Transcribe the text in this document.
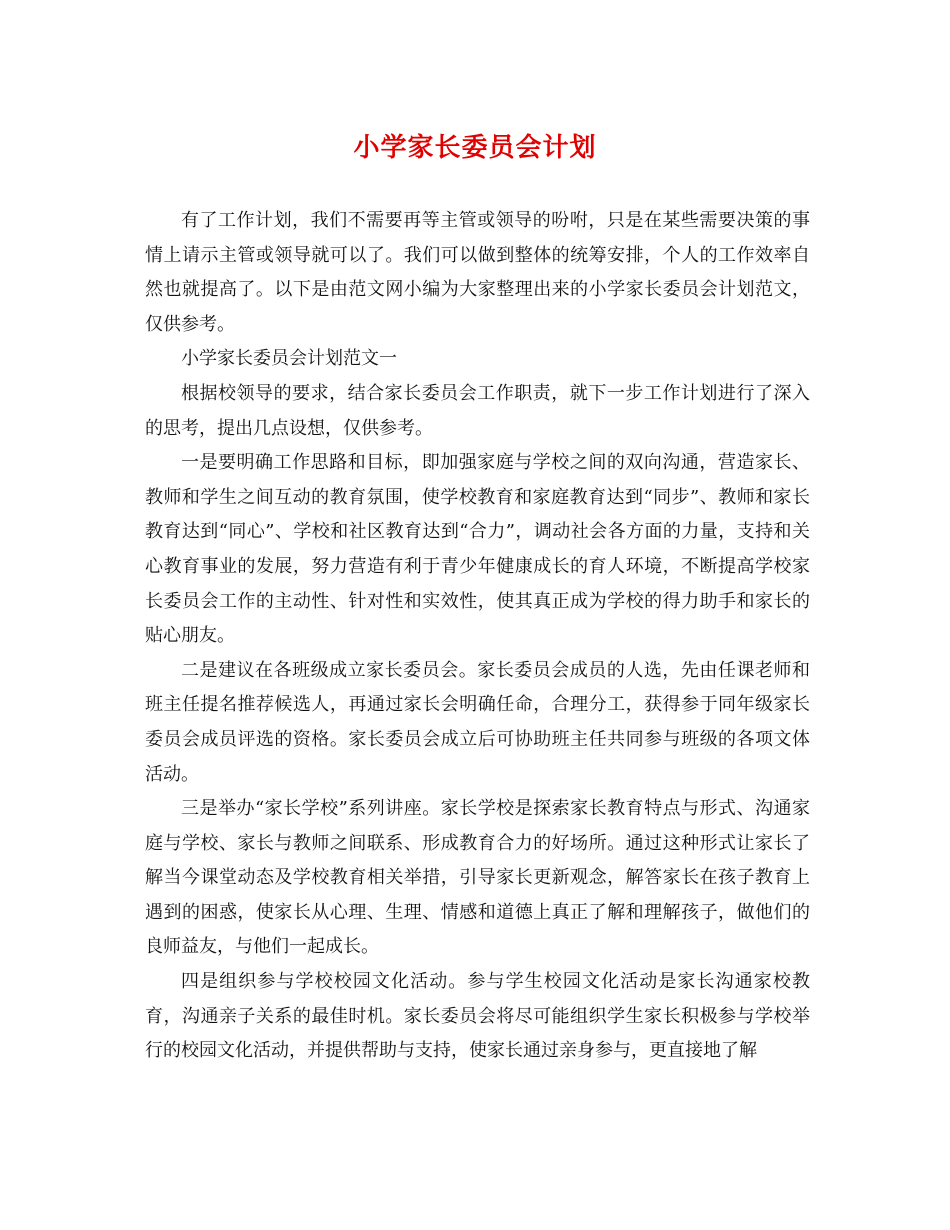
小学家长委员会计划

有了工作计划，我们不需要再等主管或领导的吩咐，只是在某些需要决策的事情上请示主管或领导就可以了。我们可以做到整体的统筹安排，个人的工作效率自然也就提高了。以下是由范文网小编为大家整理出来的小学家长委员会计划范文，仅供参考。

小学家长委员会计划范文一

根据校领导的要求，结合家长委员会工作职责，就下一步工作计划进行了深入的思考，提出几点设想，仅供参考。

一是要明确工作思路和目标，即加强家庭与学校之间的双向沟通，营造家长、教师和学生之间互动的教育氛围，使学校教育和家庭教育达到“同步”、教师和家长教育达到“同心”、学校和社区教育达到“合力”，调动社会各方面的力量，支持和关心教育事业的发展，努力营造有利于青少年健康成长的育人环境，不断提高学校家长委员会工作的主动性、针对性和实效性，使其真正成为学校的得力助手和家长的贴心朋友。

二是建议在各班级成立家长委员会。家长委员会成员的人选，先由任课老师和班主任提名推荐候选人，再通过家长会明确任命，合理分工，获得参于同年级家长委员会成员评选的资格。家长委员会成立后可协助班主任共同参与班级的各项文体活动。

三是举办“家长学校”系列讲座。家长学校是探索家长教育特点与形式、沟通家庭与学校、家长与教师之间联系、形成教育合力的好场所。通过这种形式让家长了解当今课堂动态及学校教育相关举措，引导家长更新观念，解答家长在孩子教育上遇到的困惑，使家长从心理、生理、情感和道德上真正了解和理解孩子，做他们的良师益友，与他们一起成长。

四是组织参与学校校园文化活动。参与学生校园文化活动是家长沟通家校教育，沟通亲子关系的最佳时机。家长委员会将尽可能组织学生家长积极参与学校举行的校园文化活动，并提供帮助与支持，使家长通过亲身参与，更直接地了解
